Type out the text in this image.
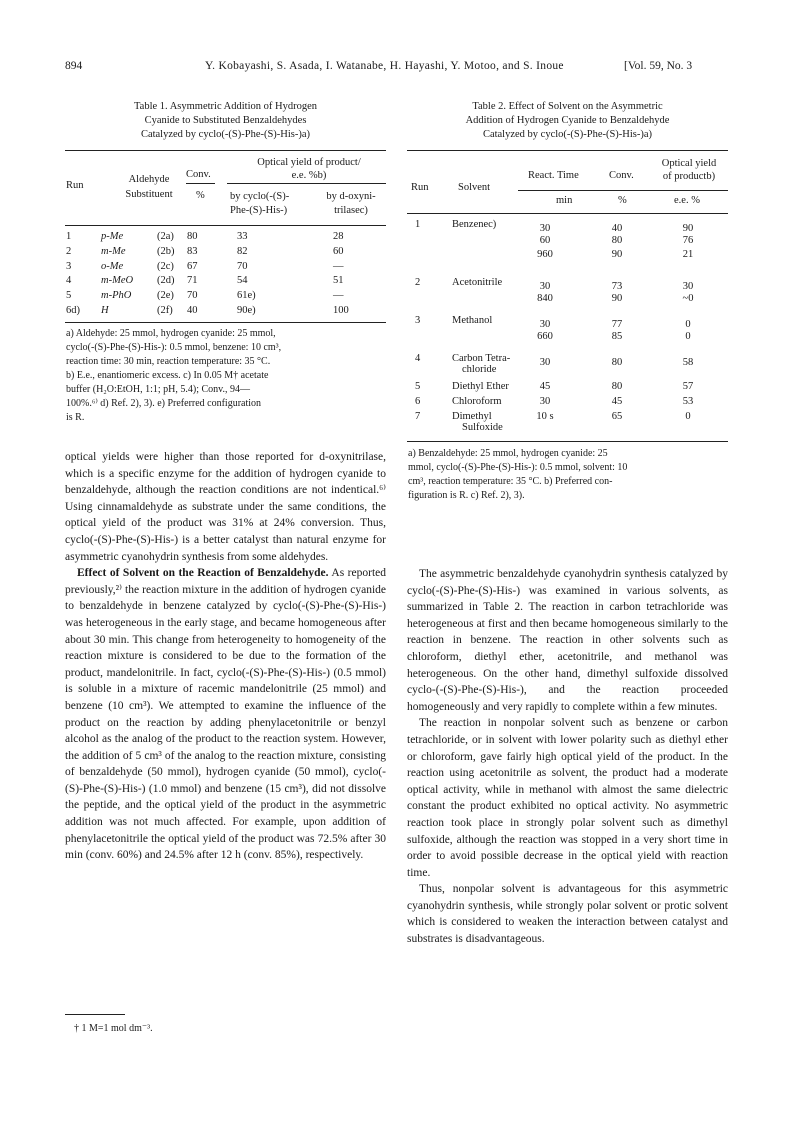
894	Y. Kobayashi, S. Asada, I. Watanabe, H. Hayashi, Y. Motoo, and S. Inoue	[Vol. 59, No. 3
Table 1. Asymmetric Addition of Hydrogen
Cyanide to Substituted Benzaldehydes
Catalyzed by cyclo(-(S)-Phe-(S)-His-)a)
Run
Aldehyde
Substituent
Conv.
%
Optical yield of product/
e.e. %b)
by cyclo(-(S)-
Phe-(S)-His-)
by d-oxyni-
trilasec)
1	p-Me	(2a) 80	33	28
2	m-Me	(2b) 83	82	60
3	o-Me	(2c) 67	70	—
4	m-MeO (2d) 71	54	51
5	m-PhO (2e) 70	61e)	—
6d) H	(2f) 40	90e)	100
a) Aldehyde: 25 mmol, hydrogen cyanide: 25 mmol,
cyclo(-(S)-Phe-(S)-His-): 0.5 mmol, benzene: 10 cm³,
reaction time: 30 min, reaction temperature: 35 °C.
b) E.e., enantiomeric excess. c) In 0.05 M† acetate
buffer (H₂O:EtOH, 1:1; pH, 5.4); Conv., 94—
100%.⁶⁾ d) Ref. 2), 3). e) Preferred configuration
is R.
Table 2. Effect of Solvent on the Asymmetric
Addition of Hydrogen Cyanide to Benzaldehyde
Catalyzed by cyclo(-(S)-Phe-(S)-His-)a)
Run	Solvent
React. Time
min
Conv.
%
Optical yield
of productb)
e.e. %
1	Benzenec)	30	40	90
60	80	76
960	90	21
2	Acetonitrile	30	73	30
840	90	~0
3	Methanol	30	77	0
660	85	0
4	Carbon Tetra-
chloride
30	80	58
5	Diethyl Ether	45	80	57
6	Chloroform	30	45	53
7	Dimethyl
Sulfoxide
10 s	65	0
a) Benzaldehyde: 25 mmol, hydrogen cyanide: 25
mmol, cyclo(-(S)-Phe-(S)-His-): 0.5 mmol, solvent: 10
cm³, reaction temperature: 35 °C. b) Preferred con-
figuration is R. c) Ref. 2), 3).

optical yields were higher than those reported for d-oxynitrilase, which is a specific enzyme for the addition of hydrogen cyanide to benzaldehyde, although the reaction conditions are not indentical.⁶⁾ Using cinnamaldehyde as substrate under the same conditions, the optical yield of the product was 31% at 24% conversion. Thus, cyclo(-(S)-Phe-(S)-His-) is a better catalyst than natural enzyme for asymmetric cyanohydrin synthesis from some aldehydes.

Effect of Solvent on the Reaction of Benzaldehyde. As reported previously,²⁾ the reaction mixture in the addition of hydrogen cyanide to benzaldehyde in benzene catalyzed by cyclo(-(S)-Phe-(S)-His-) was heterogeneous in the early stage, and became homogeneous after about 30 min. This change from heterogeneity to homogeneity of the reaction mixture is considered to be due to the formation of the product, mandelonitrile. In fact, cyclo(-(S)-Phe-(S)-His-) (0.5 mmol) is soluble in a mixture of racemic mandelonitrile (25 mmol) and benzene (10 cm³). We attempted to examine the influence of the product on the reaction by adding phenylacetonitrile or benzyl alcohol as the analog of the product to the reaction system. However, the addition of 5 cm³ of the analog to the reaction mixture, consisting of benzaldehyde (50 mmol), hydrogen cyanide (50 mmol), cyclo(-(S)-Phe-(S)-His-) (1.0 mmol) and benzene (15 cm³), did not dissolve the peptide, and the optical yield of the product in the asymmetric addition was not much affected. For example, upon addition of phenylacetonitrile the optical yield of the product was 72.5% after 30 min (conv. 60%) and 24.5% after 12 h (conv. 85%), respectively.

† 1 M=1 mol dm⁻³.

The asymmetric benzaldehyde cyanohydrin synthesis catalyzed by cyclo(-(S)-Phe-(S)-His-) was examined in various solvents, as summarized in Table 2. The reaction in carbon tetrachloride was heterogeneous at first and then became homogeneous similarly to the reaction in benzene. The reaction in other solvents such as chloroform, diethyl ether, acetonitrile, and methanol was heterogeneous. On the other hand, dimethyl sulfoxide dissolved cyclo-(-(S)-Phe-(S)-His-), and the reaction proceeded homogeneously and very rapidly to complete within a few minutes.

The reaction in nonpolar solvent such as benzene or carbon tetrachloride, or in solvent with lower polarity such as diethyl ether or chloroform, gave fairly high optical yield of the product. In the reaction using acetonitrile as solvent, the product had a moderate optical activity, while in methanol with almost the same dielectric constant the product exhibited no optical activity. No asymmetric reaction took place in strongly polar solvent such as dimethyl sulfoxide, although the reaction was stopped in a very short time in order to avoid possible decrease in the optical yield with reaction time.

Thus, nonpolar solvent is advantageous for this asymmetric cyanohydrin synthesis, while strongly polar solvent or protic solvent which is considered to weaken the interaction between catalyst and substrates is disadvantageous.
